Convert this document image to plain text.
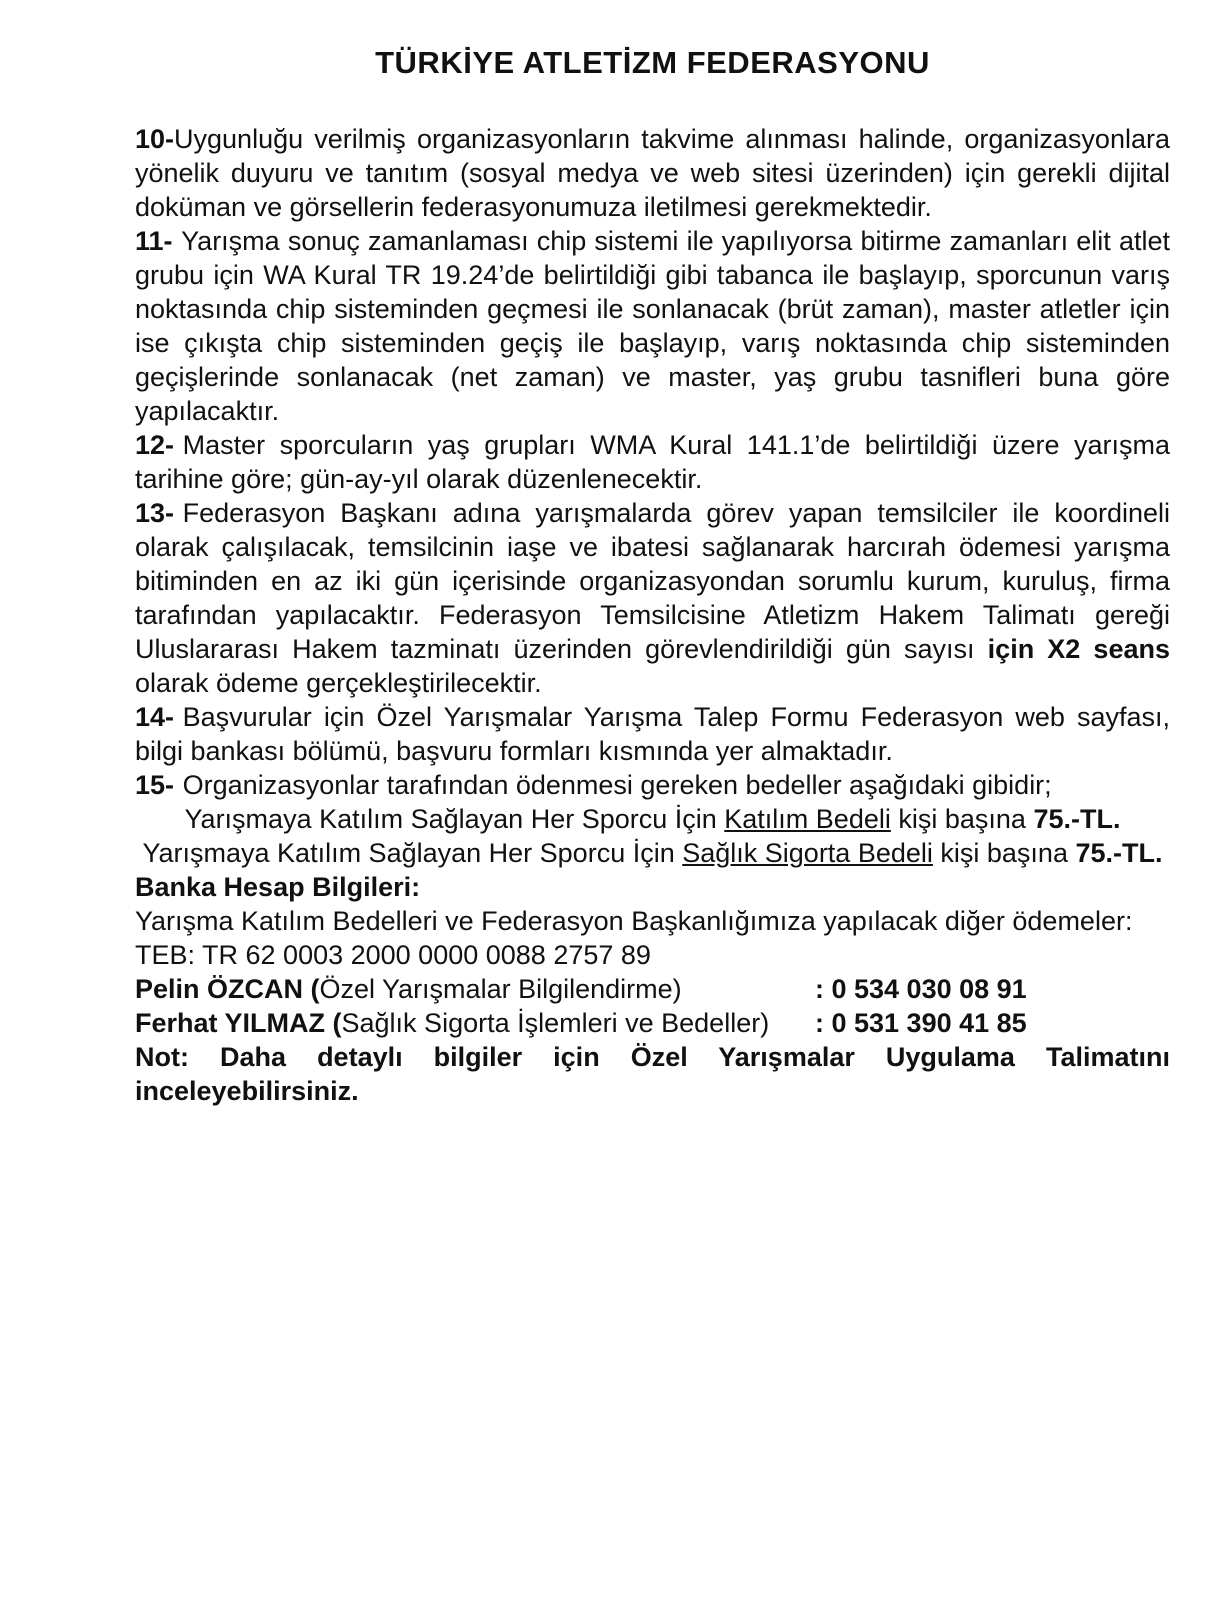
TÜRKİYE ATLETİZM FEDERASYONU

10-Uygunluğu verilmiş organizasyonların takvime alınması halinde, organizasyonlara yönelik duyuru ve tanıtım (sosyal medya ve web sitesi üzerinden) için gerekli dijital doküman ve görsellerin federasyonumuza iletilmesi gerekmektedir.

11- Yarışma sonuç zamanlaması chip sistemi ile yapılıyorsa bitirme zamanları elit atlet grubu için WA Kural TR 19.24’de belirtildiği gibi tabanca ile başlayıp, sporcunun varış noktasında chip sisteminden geçmesi ile sonlanacak (brüt zaman), master atletler için ise çıkışta chip sisteminden geçiş ile başlayıp, varış noktasında chip sisteminden geçişlerinde sonlanacak (net zaman) ve master, yaş grubu tasnifleri buna göre yapılacaktır.

12- Master sporcuların yaş grupları WMA Kural 141.1’de belirtildiği üzere yarışma tarihine göre; gün-ay-yıl olarak düzenlenecektir.

13- Federasyon Başkanı adına yarışmalarda görev yapan temsilciler ile koordineli olarak çalışılacak, temsilcinin iaşe ve ibatesi sağlanarak harcırah ödemesi yarışma bitiminden en az iki gün içerisinde organizasyondan sorumlu kurum, kuruluş, firma tarafından yapılacaktır. Federasyon Temsilcisine Atletizm Hakem Talimatı gereği Uluslararası Hakem tazminatı üzerinden görevlendirildiği gün sayısı için X2 seans olarak ödeme gerçekleştirilecektir.

14- Başvurular için Özel Yarışmalar Yarışma Talep Formu Federasyon web sayfası, bilgi bankası bölümü, başvuru formları kısmında yer almaktadır.

15- Organizasyonlar tarafından ödenmesi gereken bedeller aşağıdaki gibidir;

Yarışmaya Katılım Sağlayan Her Sporcu İçin Katılım Bedeli kişi başına 75.-TL.

Yarışmaya Katılım Sağlayan Her Sporcu İçin Sağlık Sigorta Bedeli kişi başına 75.-TL.

Banka Hesap Bilgileri:

Yarışma Katılım Bedelleri ve Federasyon Başkanlığımıza yapılacak diğer ödemeler:

TEB: TR 62 0003 2000 0000 0088 2757 89

Pelin ÖZCAN (Özel Yarışmalar Bilgilendirme)	: 0 534 030 08 91

Ferhat YILMAZ (Sağlık Sigorta İşlemleri ve Bedeller)	: 0 531 390 41 85

Not: Daha detaylı bilgiler için Özel Yarışmalar Uygulama Talimatını inceleyebilirsiniz.
